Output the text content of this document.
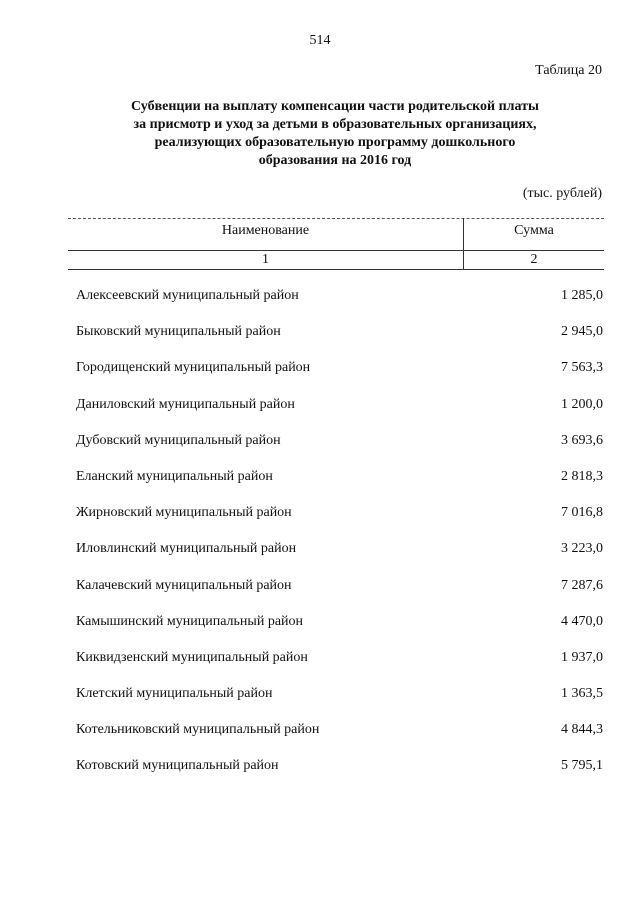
514
Таблица 20
Субвенции на выплату компенсации части родительской платы
за присмотр и уход за детьми в образовательных организациях,
реализующих образовательную программу дошкольного
образования на 2016 год
(тыс. рублей)
Наименование	Сумма
1	2
Алексеевский муниципальный район	1 285,0
Быковский муниципальный район	2 945,0
Городищенский муниципальный район	7 563,3
Даниловский муниципальный район	1 200,0
Дубовский муниципальный район	3 693,6
Еланский муниципальный район	2 818,3
Жирновский муниципальный район	7 016,8
Иловлинский муниципальный район	3 223,0
Калачевский муниципальный район	7 287,6
Камышинский муниципальный район	4 470,0
Киквидзенский муниципальный район	1 937,0
Клетский муниципальный район	1 363,5
Котельниковский муниципальный район	4 844,3
Котовский муниципальный район	5 795,1
